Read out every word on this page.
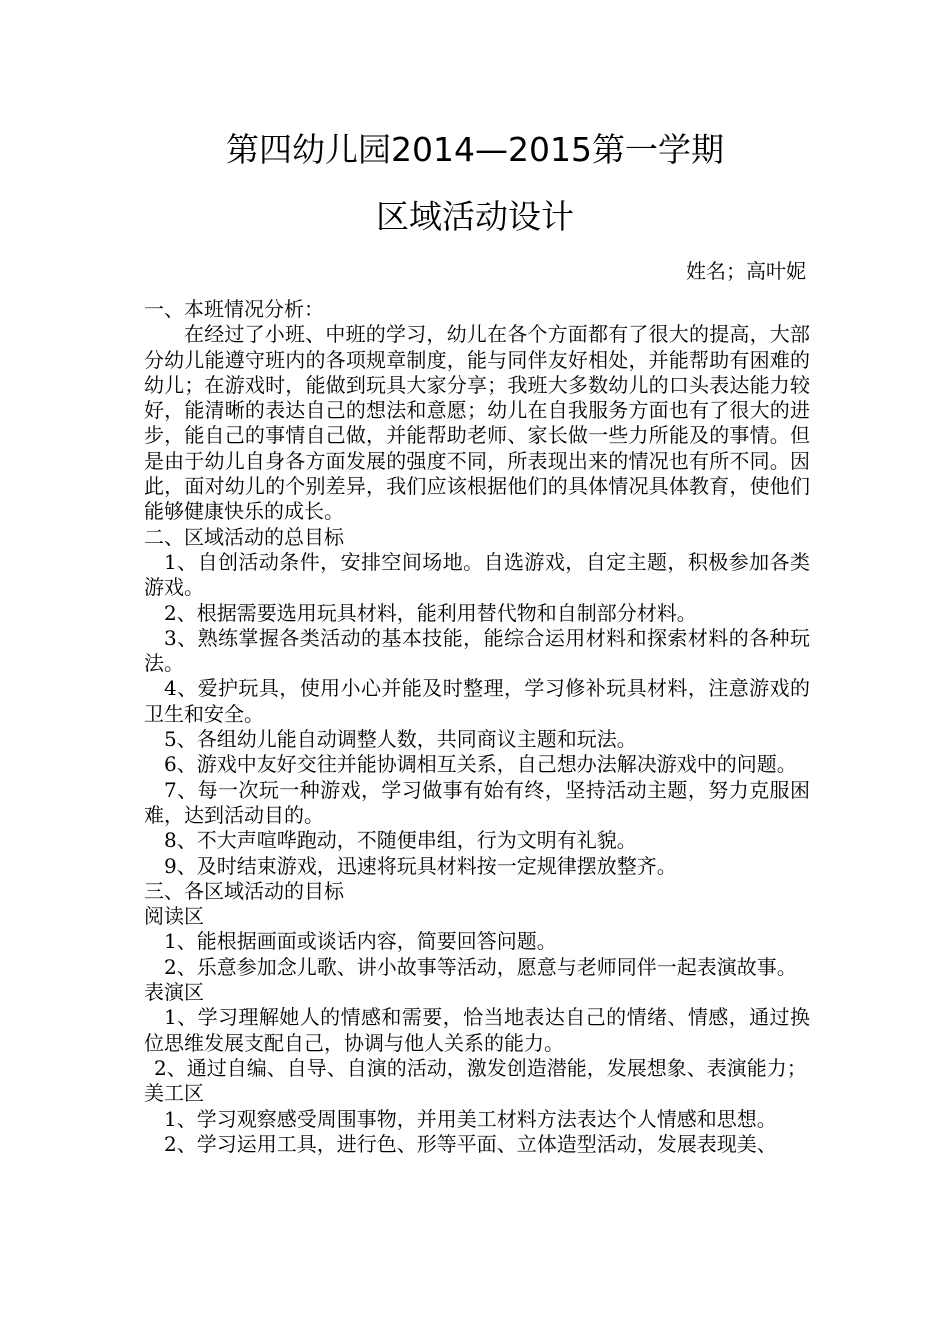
第四幼儿园2014—2015第一学期
区域活动设计
姓名；高叶妮

一、本班情况分析：

在经过了小班、中班的学习，幼儿在各个方面都有了很大的提高，大部分幼儿能遵守班内的各项规章制度，能与同伴友好相处，并能帮助有困难的幼儿；在游戏时，能做到玩具大家分享；我班大多数幼儿的口头表达能力较好，能清晰的表达自己的想法和意愿；幼儿在自我服务方面也有了很大的进步，能自己的事情自己做，并能帮助老师、家长做一些力所能及的事情。但是由于幼儿自身各方面发展的强度不同，所表现出来的情况也有所不同。因此，面对幼儿的个别差异，我们应该根据他们的具体情况具体教育，使他们能够健康快乐的成长。

二、区域活动的总目标

1、自创活动条件，安排空间场地。自选游戏，自定主题，积极参加各类游戏。

2、根据需要选用玩具材料，能利用替代物和自制部分材料。

3、熟练掌握各类活动的基本技能，能综合运用材料和探索材料的各种玩法。

4、爱护玩具，使用小心并能及时整理，学习修补玩具材料，注意游戏的卫生和安全。

5、各组幼儿能自动调整人数，共同商议主题和玩法。

6、游戏中友好交往并能协调相互关系，自己想办法解决游戏中的问题。

7、每一次玩一种游戏，学习做事有始有终，坚持活动主题，努力克服困难，达到活动目的。

8、不大声喧哗跑动，不随便串组，行为文明有礼貌。

9、及时结束游戏，迅速将玩具材料按一定规律摆放整齐。

三、各区域活动的目标

阅读区

1、能根据画面或谈话内容，简要回答问题。

2、乐意参加念儿歌、讲小故事等活动，愿意与老师同伴一起表演故事。

表演区

1、学习理解她人的情感和需要，恰当地表达自己的情绪、情感，通过换位思维发展支配自己，协调与他人关系的能力。

2、通过自编、自导、自演的活动，激发创造潜能，发展想象、表演能力；

美工区

1、学习观察感受周围事物，并用美工材料方法表达个人情感和思想。

2、学习运用工具，进行色、形等平面、立体造型活动，发展表现美、
